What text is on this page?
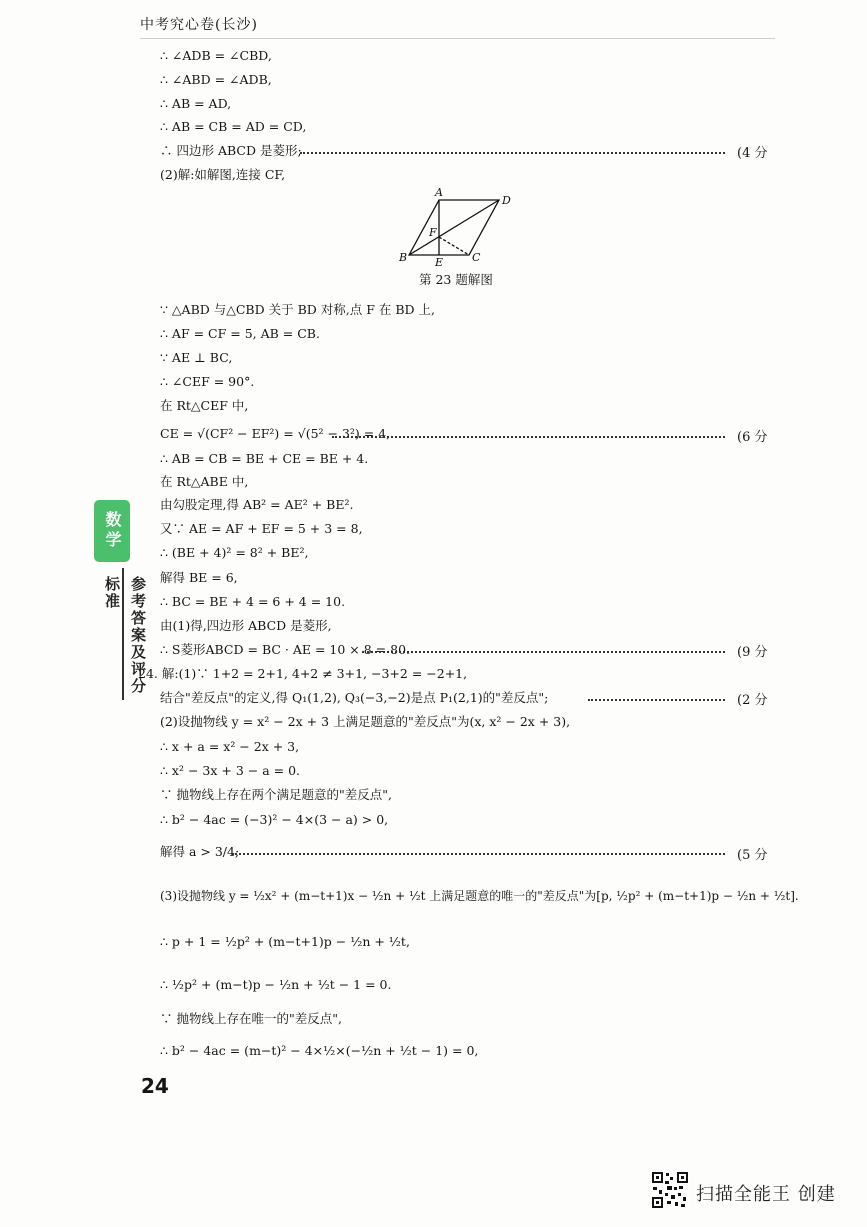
中考究心卷(长沙)
∴ ∠ADB = ∠CBD,
∴ ∠ABD = ∠ADB,
∴ AB = AD,
∴ AB = CB = AD = CD,
∴ 四边形 ABCD 是菱形;	(4 分
(2)解:如解图,连接 CF,
A
D
B	E	C
F
第 23 题解图
∵ △ABD 与△CBD 关于 BD 对称,点 F 在 BD 上,
∴ AF = CF = 5, AB = CB.
∵ AE ⊥ BC,
∴ ∠CEF = 90°.
在 Rt△CEF 中,
CE = √(CF² − EF²) = √(5² − 3²) = 4,	(6 分
∴ AB = CB = BE + CE = BE + 4.
在 Rt△ABE 中,
由勾股定理,得 AB² = AE² + BE².
又∵ AE = AF + EF = 5 + 3 = 8,
∴ (BE + 4)² = 8² + BE²,
解得 BE = 6,
∴ BC = BE + 4 = 6 + 4 = 10.
由(1)得,四边形 ABCD 是菱形,
∴ S菱形ABCD = BC · AE = 10 × 8 = 80.	(9 分
24. 解:(1)∵ 1+2 = 2+1, 4+2 ≠ 3+1, −3+2 = −2+1,
结合"差反点"的定义,得 Q₁(1,2), Q₃(−3,−2)是点 P₁(2,1)的"差反点";	(2 分
(2)设抛物线 y = x² − 2x + 3 上满足题意的"差反点"为(x, x² − 2x + 3),
∴ x + a = x² − 2x + 3,
∴ x² − 3x + 3 − a = 0.
∵ 抛物线上存在两个满足题意的"差反点",
∴ b² − 4ac = (−3)² − 4×(3 − a) > 0,
解得 a > 3/4;	(5 分
(3)设抛物线 y = ½x² + (m−t+1)x − ½n + ½t 上满足题意的唯一的"差反点"为[p, ½p² + (m−t+1)p − ½n + ½t].
∴ p + 1 = ½p² + (m−t+1)p − ½n + ½t,
∴ ½p² + (m−t)p − ½n + ½t − 1 = 0.
∵ 抛物线上存在唯一的"差反点",
∴ b² − 4ac = (m−t)² − 4×½×(−½n + ½t − 1) = 0,
数学
参考答案及评分标准
24
扫描全能王 创建
